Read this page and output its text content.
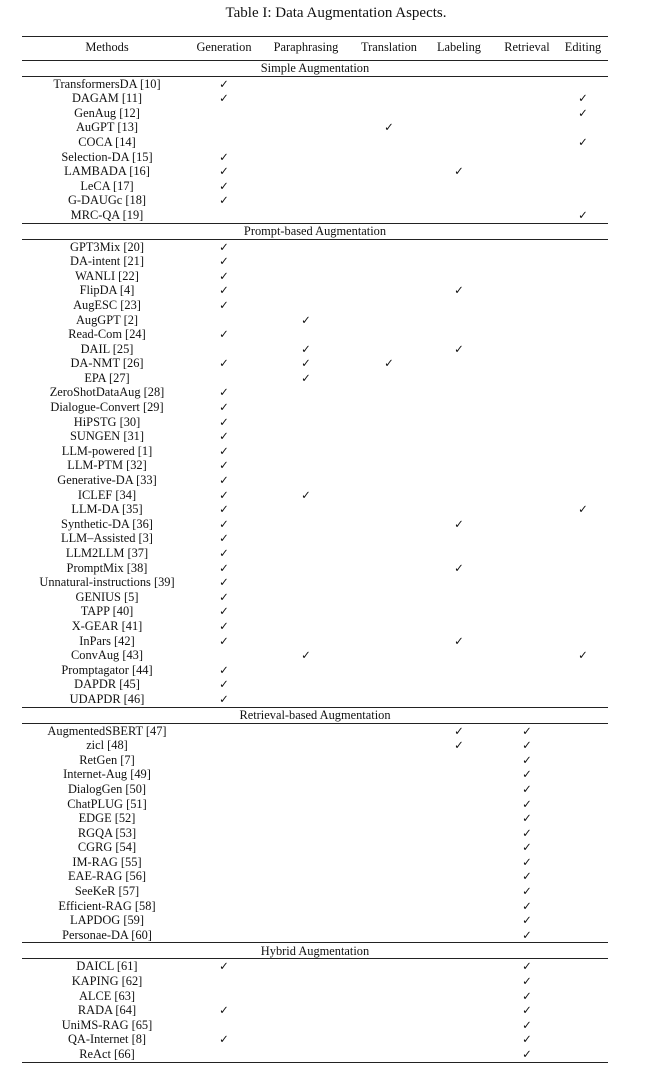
Table I: Data Augmentation Aspects.
Methods	Generation	Paraphrasing	Translation	Labeling	Retrieval	Editing
Simple Augmentation						
TransformersDA [10]	✓					
DAGAM [11]	✓					✓
GenAug [12]						✓
AuGPT [13]			✓			
COCA [14]						✓
Selection-DA [15]	✓					
LAMBADA [16]	✓			✓		
LeCA [17]	✓					
G-DAUGc [18]	✓					
MRC-QA [19]						✓
Prompt-based Augmentation						
GPT3Mix [20]	✓					
DA-intent [21]	✓					
WANLI [22]	✓					
FlipDA [4]	✓			✓		
AugESC [23]	✓					
AugGPT [2]		✓				
Read-Com [24]	✓					
DAIL [25]		✓		✓		
DA-NMT [26]	✓	✓	✓			
EPA [27]		✓				
ZeroShotDataAug [28]	✓					
Dialogue-Convert [29]	✓					
HiPSTG [30]	✓					
SUNGEN [31]	✓					
LLM-powered [1]	✓					
LLM-PTM [32]	✓					
Generative-DA [33]	✓					
ICLEF [34]	✓	✓				
LLM-DA [35]	✓					✓
Synthetic-DA [36]	✓			✓		
LLM–Assisted [3]	✓					
LLM2LLM [37]	✓					
PromptMix [38]	✓			✓		
Unnatural-instructions [39]	✓					
GENIUS [5]	✓					
TAPP [40]	✓					
X-GEAR [41]	✓					
InPars [42]	✓			✓		
ConvAug [43]		✓				✓
Promptagator [44]	✓					
DAPDR [45]	✓					
UDAPDR [46]	✓					
Retrieval-based Augmentation						
AugmentedSBERT [47]				✓	✓	
zicl [48]				✓	✓	
RetGen [7]					✓	
Internet-Aug [49]					✓	
DialogGen [50]					✓	
ChatPLUG [51]					✓	
EDGE [52]					✓	
RGQA [53]					✓	
CGRG [54]					✓	
IM-RAG [55]					✓	
EAE-RAG [56]					✓	
SeeKeR [57]					✓	
Efficient-RAG [58]					✓	
LAPDOG [59]					✓	
Personae-DA [60]					✓	
Hybrid Augmentation						
DAICL [61]	✓				✓	
KAPING [62]					✓	
ALCE [63]					✓	
RADA [64]	✓				✓	
UniMS-RAG [65]					✓	
QA-Internet [8]	✓				✓	
ReAct [66]					✓	
